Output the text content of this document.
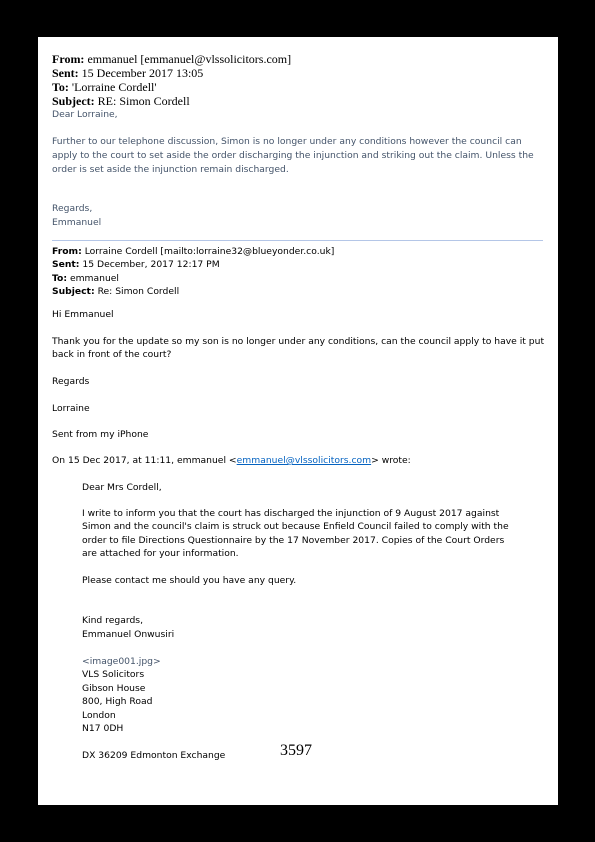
From: emmanuel [emmanuel@vlssolicitors.com]
Sent: 15 December 2017 13:05
To: 'Lorraine Cordell'
Subject: RE: Simon Cordell
Dear Lorraine,
Further to our telephone discussion, Simon is no longer under any conditions however the council can apply to the court to set aside the order discharging the injunction and striking out the claim. Unless the order is set aside the injunction remain discharged.
Regards,
Emmanuel
From: Lorraine Cordell [mailto:lorraine32@blueyonder.co.uk]
Sent: 15 December, 2017 12:17 PM
To: emmanuel
Subject: Re: Simon Cordell
Hi Emmanuel
Thank you for the update so my son is no longer under any conditions, can the council apply to have it put back in front of the court?
Regards
Lorraine
Sent from my iPhone
On 15 Dec 2017, at 11:11, emmanuel <emmanuel@vlssolicitors.com> wrote:
Dear Mrs Cordell,
I write to inform you that the court has discharged the injunction of 9 August 2017 against Simon and the council's claim is struck out because Enfield Council failed to comply with the order to file Directions Questionnaire by the 17 November 2017. Copies of the Court Orders are attached for your information.
Please contact me should you have any query.
Kind regards,
Emmanuel Onwusiri
<image001.jpg>
VLS Solicitors
Gibson House
800, High Road
London
N17 0DH
DX 36209 Edmonton Exchange	3597
